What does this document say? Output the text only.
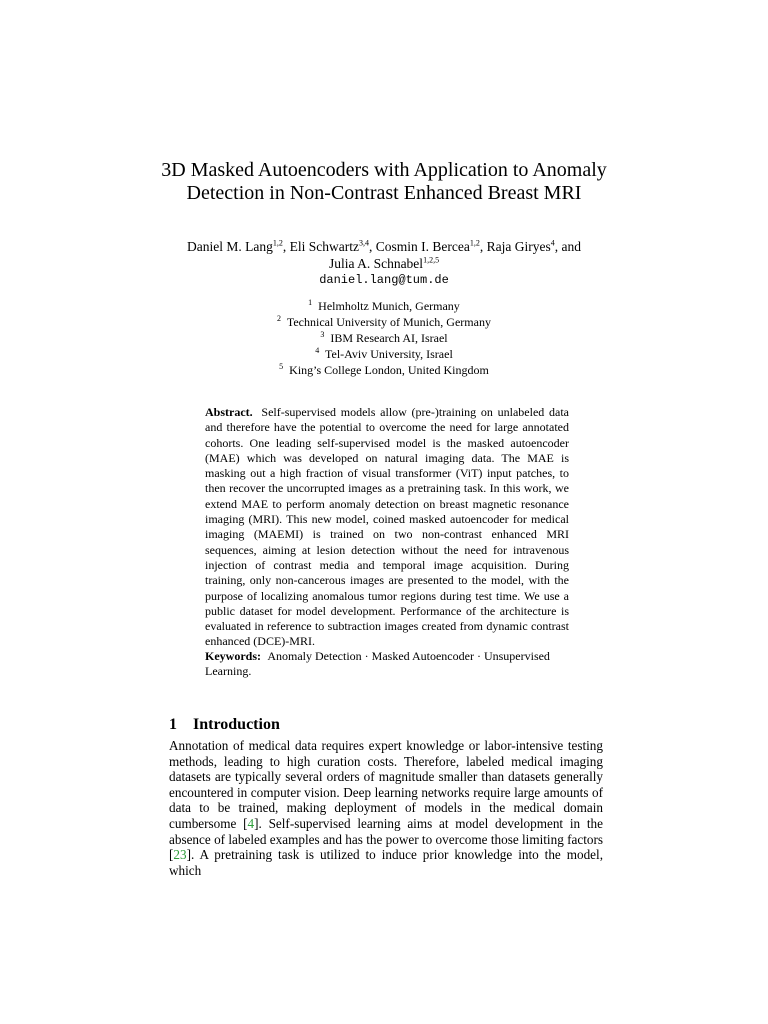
3D Masked Autoencoders with Application to Anomaly Detection in Non-Contrast Enhanced Breast MRI
Daniel M. Lang$^{1,2}$, Eli Schwartz$^{3,4}$, Cosmin I. Bercea$^{1,2}$, Raja Giryes$^4$, and
Julia A. Schnabel$^{1,2,5}$
daniel.lang@tum.de
$^1$ Helmholtz Munich, Germany
$^2$ Technical University of Munich, Germany
$^3$ IBM Research AI, Israel
$^4$ Tel-Aviv University, Israel
$^5$ King’s College London, United Kingdom
Abstract. Self-supervised models allow (pre-)training on unlabeled data and therefore have the potential to overcome the need for large annotated cohorts. One leading self-supervised model is the masked autoencoder (MAE) which was developed on natural imaging data. The MAE is masking out a high fraction of visual transformer (ViT) input patches, to then recover the uncorrupted images as a pretraining task. In this work, we extend MAE to perform anomaly detection on breast magnetic resonance imaging (MRI). This new model, coined masked autoencoder for medical imaging (MAEMI) is trained on two non-contrast enhanced MRI sequences, aiming at lesion detection without the need for intravenous injection of contrast media and temporal image acquisition. During training, only non-cancerous images are presented to the model, with the purpose of localizing anomalous tumor regions during test time. We use a public dataset for model development. Performance of the architecture is evaluated in reference to subtraction images created from dynamic contrast enhanced (DCE)-MRI.
Keywords: Anomaly Detection · Masked Autoencoder · Unsupervised Learning.
1 Introduction
Annotation of medical data requires expert knowledge or labor-intensive testing methods, leading to high curation costs. Therefore, labeled medical imaging datasets are typically several orders of magnitude smaller than datasets generally encountered in computer vision. Deep learning networks require large amounts of data to be trained, making deployment of models in the medical domain cumbersome [4]. Self-supervised learning aims at model development in the absence of labeled examples and has the power to overcome those limiting factors [23]. A pretraining task is utilized to induce prior knowledge into the model, which
